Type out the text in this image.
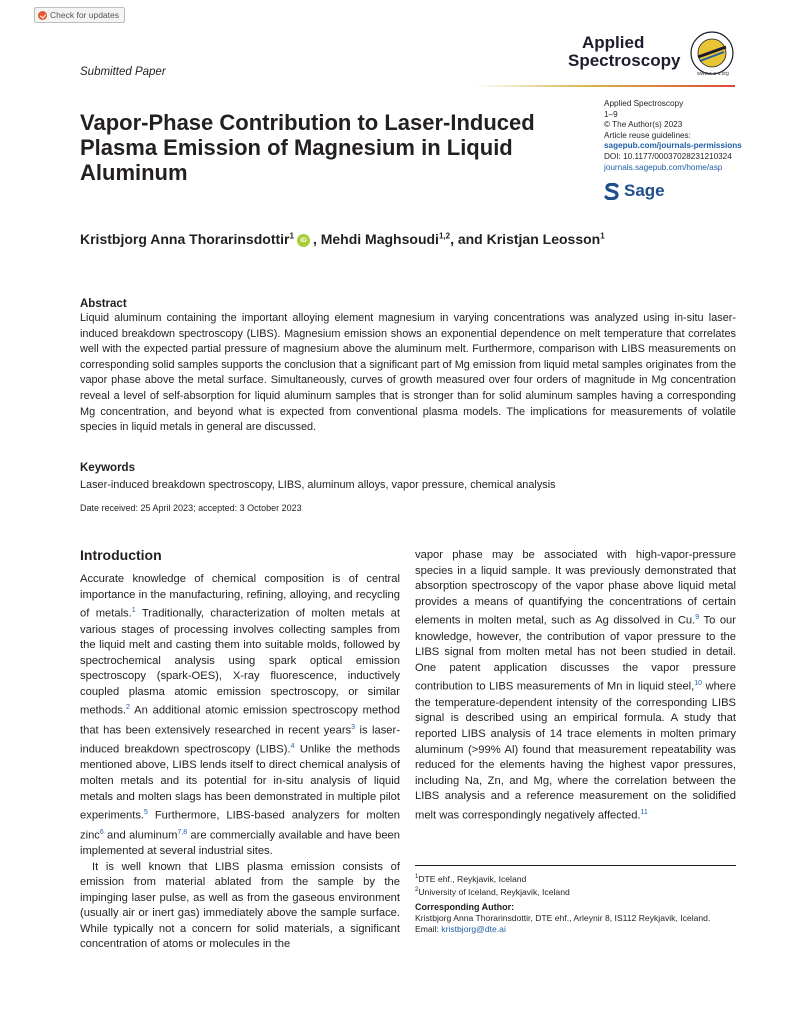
Check for updates
Applied
Spectroscopy
www.s-a-s.org
Submitted Paper
Vapor-Phase Contribution to Laser-Induced Plasma Emission of Magnesium in Liquid Aluminum
Applied Spectroscopy
1–9
© The Author(s) 2023
Article reuse guidelines:
sagepub.com/journals-permissions
DOI: 10.1177/00037028231210324
journals.sagepub.com/home/asp
Sage
Kristbjorg Anna Thorarinsdottir$^1$ iD , Mehdi Maghsoudi$^{1,2}$, and Kristjan Leosson$^1$
Abstract
Liquid aluminum containing the important alloying element magnesium in varying concentrations was analyzed using in-situ laser-induced breakdown spectroscopy (LIBS). Magnesium emission shows an exponential dependence on melt temperature that correlates well with the expected partial pressure of magnesium above the aluminum melt. Furthermore, comparison with LIBS measurements on corresponding solid samples supports the conclusion that a significant part of Mg emission from liquid metal samples originates from the vapor phase above the metal surface. Simultaneously, curves of growth measured over four orders of magnitude in Mg concentration reveal a level of self-absorption for liquid aluminum samples that is stronger than for solid aluminum samples having a corresponding Mg concentration, and beyond what is expected from conventional plasma models. The implications for measurements of volatile species in liquid metals in general are discussed.
Keywords
Laser-induced breakdown spectroscopy, LIBS, aluminum alloys, vapor pressure, chemical analysis
Date received: 25 April 2023; accepted: 3 October 2023
Introduction

Accurate knowledge of chemical composition is of central importance in the manufacturing, refining, alloying, and recycling of metals.$^1$ Traditionally, characterization of molten metals at various stages of processing involves collecting samples from the liquid melt and casting them into suitable molds, followed by spectrochemical analysis using spark optical emission spectroscopy (spark-OES), X-ray fluorescence, inductively coupled plasma atomic emission spectroscopy, or similar methods.$^2$ An additional atomic emission spectroscopy method that has been extensively researched in recent years$^3$ is laser-induced breakdown spectroscopy (LIBS).$^4$ Unlike the methods mentioned above, LIBS lends itself to direct chemical analysis of molten metals and its potential for in-situ analysis of liquid metals and molten slags has been demonstrated in multiple pilot experiments.$^5$ Furthermore, LIBS-based analyzers for molten zinc$^6$ and aluminum$^{7,8}$ are commercially available and have been implemented at several industrial sites.

It is well known that LIBS plasma emission consists of emission from material ablated from the sample by the impinging laser pulse, as well as from the gaseous environment (usually air or inert gas) immediately above the sample surface. While typically not a concern for solid materials, a significant concentration of atoms or molecules in the

vapor phase may be associated with high-vapor-pressure species in a liquid sample. It was previously demonstrated that absorption spectroscopy of the vapor phase above liquid metal provides a means of quantifying the concentrations of certain elements in molten metal, such as Ag dissolved in Cu.$^9$ To our knowledge, however, the contribution of vapor pressure to the LIBS signal from molten metal has not been studied in detail. One patent application discusses the vapor pressure contribution to LIBS measurements of Mn in liquid steel,$^{10}$ where the temperature-dependent intensity of the corresponding LIBS signal is described using an empirical formula. A study that reported LIBS analysis of 14 trace elements in molten primary aluminum (>99% Al) found that measurement repeatability was reduced for the elements having the highest vapor pressures, including Na, Zn, and Mg, where the correlation between the LIBS analysis and a reference measurement on the solidified melt was correspondingly negatively affected.$^{11}$

$^1$DTE ehf., Reykjavik, Iceland
$^2$University of Iceland, Reykjavik, Iceland
Corresponding Author:
Kristbjorg Anna Thorarinsdottir, DTE ehf., Arleynir 8, IS112 Reykjavik, Iceland.
Email: kristbjorg@dte.ai
